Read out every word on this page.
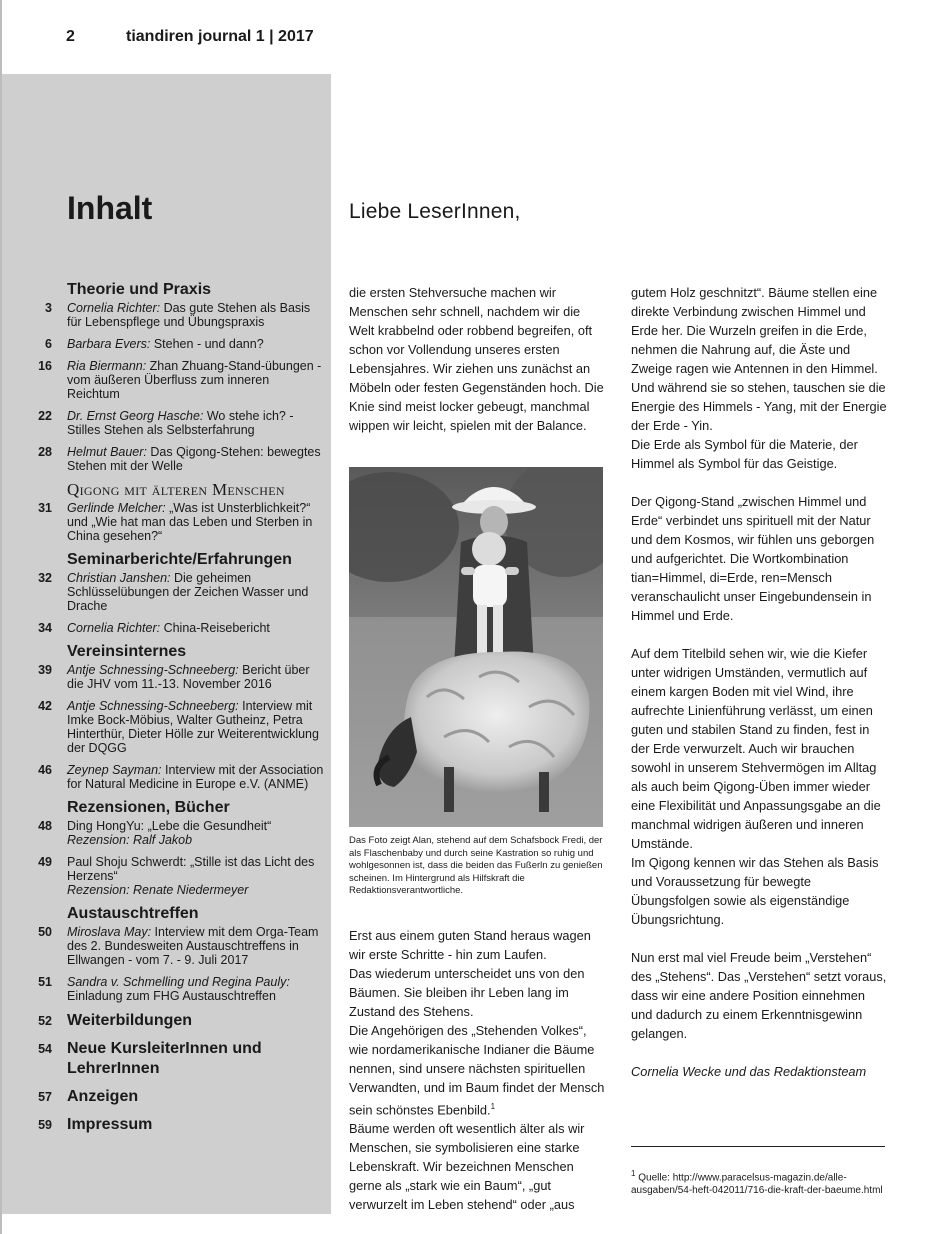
2	tiandiren journal 1 | 2017
Inhalt
Theorie und Praxis
3	Cornelia Richter: Das gute Stehen als Basis für Lebenspflege und Übungspraxis
6	Barbara Evers: Stehen - und dann?
16	Ria Biermann: Zhan Zhuang-Stand-übungen - vom äußeren Überfluss zum inneren Reichtum
22	Dr. Ernst Georg Hasche: Wo stehe ich? - Stilles Stehen als Selbsterfahrung
28	Helmut Bauer: Das Qigong-Stehen: bewegtes Stehen mit der Welle
Qigong mit älteren Menschen
31	Gerlinde Melcher: „Was ist Unsterblichkeit?“ und „Wie hat man das Leben und Sterben in China gesehen?“
Seminarberichte/Erfahrungen
32	Christian Janshen: Die geheimen Schlüsselübungen der Zeichen Wasser und Drache
34	Cornelia Richter: China-Reisebericht
Vereinsinternes
39	Antje Schnessing-Schneeberg: Bericht über die JHV vom 11.-13. November 2016
42	Antje Schnessing-Schneeberg: Interview mit Imke Bock-Möbius, Walter Gutheinz, Petra Hinterthür, Dieter Hölle zur Weiterentwicklung der DQGG
46	Zeynep Sayman: Interview mit der Association for Natural Medicine in Europe e.V. (ANME)
Rezensionen, Bücher
48	Ding HongYu: „Lebe die Gesundheit“
Rezension: Ralf Jakob
49	Paul Shoju Schwerdt: „Stille ist das Licht des Herzens“
Rezension: Renate Niedermeyer
Austauschtreffen
50	Miroslava May: Interview mit dem Orga-Team des 2. Bundesweiten Austauschtreffens in Ellwangen - vom 7. - 9. Juli 2017
51	Sandra v. Schmelling und Regina Pauly: Einladung zum FHG Austauschtreffen
52 Weiterbildungen
54 Neue KursleiterInnen und LehrerInnen
57 Anzeigen
59 Impressum
Liebe LeserInnen,

die ersten Stehversuche machen wir Menschen sehr schnell, nachdem wir die Welt krabbelnd oder robbend begreifen, oft schon vor Vollendung unseres ersten Lebensjahres. Wir ziehen uns zunächst an Möbeln oder festen Gegenständen hoch. Die Knie sind meist locker gebeugt, manchmal wippen wir leicht, spielen mit der Balance.

Das Foto zeigt Alan, stehend auf dem Schafsbock Fredi, der als Flaschenbaby und durch seine Kastration so ruhig und wohlgesonnen ist, dass die beiden das Fußerln zu genießen scheinen. Im Hintergrund als Hilfskraft die Redaktionsverantwortliche.

Erst aus einem guten Stand heraus wagen wir erste Schritte - hin zum Laufen.

Das wiederum unterscheidet uns von den Bäumen. Sie bleiben ihr Leben lang im Zustand des Stehens.

Die Angehörigen des „Stehenden Volkes“, wie nordamerikanische Indianer die Bäume nennen, sind unsere nächsten spirituellen Verwandten, und im Baum findet der Mensch sein schönstes Ebenbild.$^1$

Bäume werden oft wesentlich älter als wir Menschen, sie symbolisieren eine starke Lebenskraft. Wir bezeichnen Menschen gerne als „stark wie ein Baum“, „gut verwurzelt im Leben stehend“ oder „aus

gutem Holz geschnitzt“. Bäume stellen eine direkte Verbindung zwischen Himmel und Erde her. Die Wurzeln greifen in die Erde, nehmen die Nahrung auf, die Äste und Zweige ragen wie Antennen in den Himmel. Und während sie so stehen, tauschen sie die Energie des Himmels - Yang, mit der Energie der Erde - Yin.

Die Erde als Symbol für die Materie, der Himmel als Symbol für das Geistige.

Der Qigong-Stand „zwischen Himmel und Erde“ verbindet uns spirituell mit der Natur und dem Kosmos, wir fühlen uns geborgen und aufgerichtet. Die Wortkombination tian=Himmel, di=Erde, ren=Mensch veranschaulicht unser Eingebundensein in Himmel und Erde.

Auf dem Titelbild sehen wir, wie die Kiefer unter widrigen Umständen, vermutlich auf einem kargen Boden mit viel Wind, ihre aufrechte Linienführung verlässt, um einen guten und stabilen Stand zu finden, fest in der Erde verwurzelt. Auch wir brauchen sowohl in unserem Stehvermögen im Alltag als auch beim Qigong-Üben immer wieder eine Flexibilität und Anpassungsgabe an die manchmal widrigen äußeren und inneren Umstände.

Im Qigong kennen wir das Stehen als Basis und Voraussetzung für bewegte Übungsfolgen sowie als eigenständige Übungsrichtung.

Nun erst mal viel Freude beim „Verstehen“ des „Stehens“. Das „Verstehen“ setzt voraus, dass wir eine andere Position einnehmen und dadurch zu einem Erkenntnisgewinn gelangen.

Cornelia Wecke und das Redaktionsteam

$^1$ Quelle: http://www.paracelsus-magazin.de/alle-ausgaben/54-heft-042011/716-die-kraft-der-baeume.html
